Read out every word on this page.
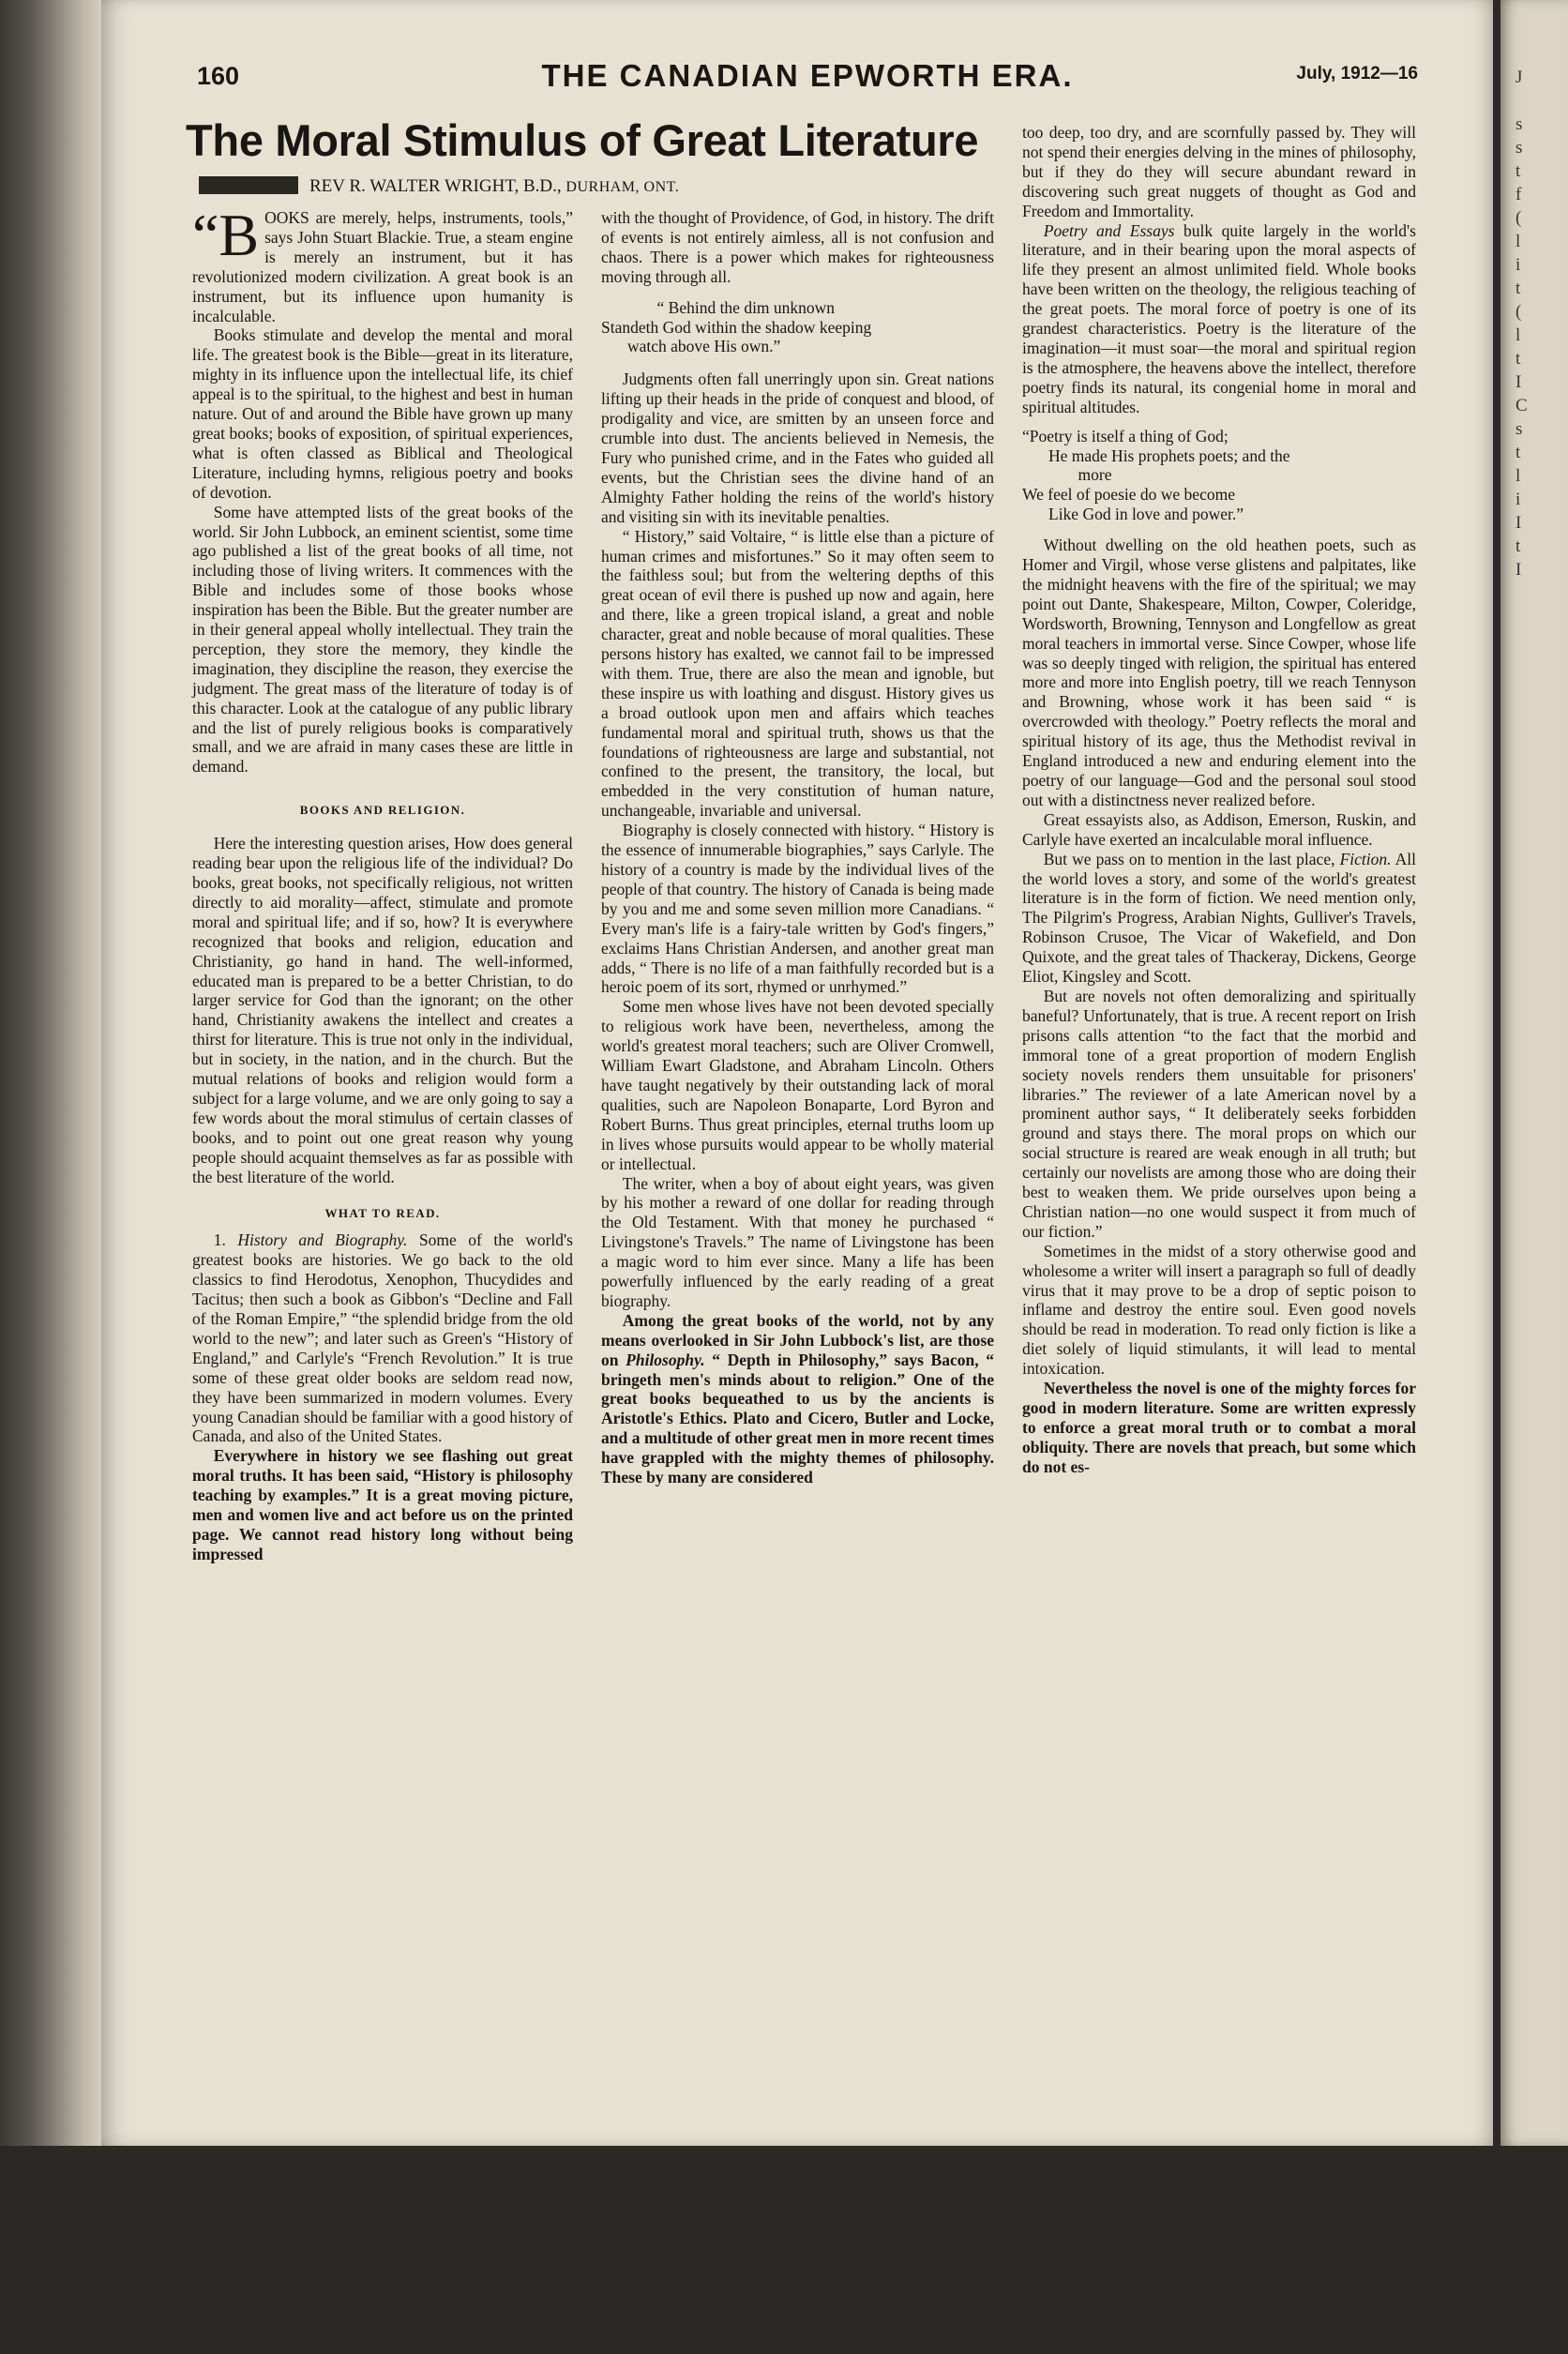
J
s
s
t
f
(
l
i
t
(
l
t
I
C
s
t
l
i
I
t
I
160	THE CANADIAN EPWORTH ERA.	July, 1912—16
The Moral Stimulus of Great Literature
REV R. WALTER WRIGHT, B.D., DURHAM, ONT.

“BOOKS are merely, helps, instruments, tools,” says John Stuart Blackie. True, a steam engine is merely an instrument, but it has revolutionized modern civilization. A great book is an instrument, but its influence upon humanity is incalculable.

Books stimulate and develop the mental and moral life. The greatest book is the Bible—great in its literature, mighty in its influence upon the intellectual life, its chief appeal is to the spiritual, to the highest and best in human nature. Out of and around the Bible have grown up many great books; books of exposition, of spiritual experiences, what is often classed as Biblical and Theological Literature, including hymns, religious poetry and books of devotion.

Some have attempted lists of the great books of the world. Sir John Lubbock, an eminent scientist, some time ago published a list of the great books of all time, not including those of living writers. It commences with the Bible and includes some of those books whose inspiration has been the Bible. But the greater number are in their general appeal wholly intellectual. They train the perception, they store the memory, they kindle the imagination, they discipline the reason, they exercise the judgment. The great mass of the literature of today is of this character. Look at the catalogue of any public library and the list of purely religious books is comparatively small, and we are afraid in many cases these are little in demand.

BOOKS AND RELIGION.

Here the interesting question arises, How does general reading bear upon the religious life of the individual? Do books, great books, not specifically religious, not written directly to aid morality—affect, stimulate and promote moral and spiritual life; and if so, how? It is everywhere recognized that books and religion, education and Christianity, go hand in hand. The well-informed, educated man is prepared to be a better Christian, to do larger service for God than the ignorant; on the other hand, Christianity awakens the intellect and creates a thirst for literature. This is true not only in the individual, but in society, in the nation, and in the church. But the mutual relations of books and religion would form a subject for a large volume, and we are only going to say a few words about the moral stimulus of certain classes of books, and to point out one great reason why young people should acquaint themselves as far as possible with the best literature of the world.

WHAT TO READ.

1. History and Biography. Some of the world's greatest books are histories. We go back to the old classics to find Herodotus, Xenophon, Thucydides and Tacitus; then such a book as Gibbon's “Decline and Fall of the Roman Empire,” “the splendid bridge from the old world to the new”; and later such as Green's “History of England,” and Carlyle's “French Revolution.” It is true some of these great older books are seldom read now, they have been summarized in modern volumes. Every young Canadian should be familiar with a good history of Canada, and also of the United States.

Everywhere in history we see flashing out great moral truths. It has been said, “History is philosophy teaching by examples.” It is a great moving picture, men and women live and act before us on the printed page. We cannot read history long without being impressed

with the thought of Providence, of God, in history. The drift of events is not entirely aimless, all is not confusion and chaos. There is a power which makes for righteousness moving through all.

“ Behind the dim unknown
Standeth God within the shadow keeping
watch above His own.”

Judgments often fall unerringly upon sin. Great nations lifting up their heads in the pride of conquest and blood, of prodigality and vice, are smitten by an unseen force and crumble into dust. The ancients believed in Nemesis, the Fury who punished crime, and in the Fates who guided all events, but the Christian sees the divine hand of an Almighty Father holding the reins of the world's history and visiting sin with its inevitable penalties.

“ History,” said Voltaire, “ is little else than a picture of human crimes and misfortunes.” So it may often seem to the faithless soul; but from the weltering depths of this great ocean of evil there is pushed up now and again, here and there, like a green tropical island, a great and noble character, great and noble because of moral qualities. These persons history has exalted, we cannot fail to be impressed with them. True, there are also the mean and ignoble, but these inspire us with loathing and disgust. History gives us a broad outlook upon men and affairs which teaches fundamental moral and spiritual truth, shows us that the foundations of righteousness are large and substantial, not confined to the present, the transitory, the local, but embedded in the very constitution of human nature, unchangeable, invariable and universal.

Biography is closely connected with history. “ History is the essence of innumerable biographies,” says Carlyle. The history of a country is made by the individual lives of the people of that country. The history of Canada is being made by you and me and some seven million more Canadians. “ Every man's life is a fairy-tale written by God's fingers,” exclaims Hans Christian Andersen, and another great man adds, “ There is no life of a man faithfully recorded but is a heroic poem of its sort, rhymed or unrhymed.”

Some men whose lives have not been devoted specially to religious work have been, nevertheless, among the world's greatest moral teachers; such are Oliver Cromwell, William Ewart Gladstone, and Abraham Lincoln. Others have taught negatively by their outstanding lack of moral qualities, such are Napoleon Bonaparte, Lord Byron and Robert Burns. Thus great principles, eternal truths loom up in lives whose pursuits would appear to be wholly material or intellectual.

The writer, when a boy of about eight years, was given by his mother a reward of one dollar for reading through the Old Testament. With that money he purchased “ Livingstone's Travels.” The name of Livingstone has been a magic word to him ever since. Many a life has been powerfully influenced by the early reading of a great biography.

Among the great books of the world, not by any means overlooked in Sir John Lubbock's list, are those on Philosophy. “ Depth in Philosophy,” says Bacon, “ bringeth men's minds about to religion.” One of the great books bequeathed to us by the ancients is Aristotle's Ethics. Plato and Cicero, Butler and Locke, and a multitude of other great men in more recent times have grappled with the mighty themes of philosophy. These by many are considered

too deep, too dry, and are scornfully passed by. They will not spend their energies delving in the mines of philosophy, but if they do they will secure abundant reward in discovering such great nuggets of thought as God and Freedom and Immortality.

Poetry and Essays bulk quite largely in the world's literature, and in their bearing upon the moral aspects of life they present an almost unlimited field. Whole books have been written on the theology, the religious teaching of the great poets. The moral force of poetry is one of its grandest characteristics. Poetry is the literature of the imagination—it must soar—the moral and spiritual region is the atmosphere, the heavens above the intellect, therefore poetry finds its natural, its congenial home in moral and spiritual altitudes.

“Poetry is itself a thing of God;
He made His prophets poets; and the
more
We feel of poesie do we become
Like God in love and power.”

Without dwelling on the old heathen poets, such as Homer and Virgil, whose verse glistens and palpitates, like the midnight heavens with the fire of the spiritual; we may point out Dante, Shakespeare, Milton, Cowper, Coleridge, Wordsworth, Browning, Tennyson and Longfellow as great moral teachers in immortal verse. Since Cowper, whose life was so deeply tinged with religion, the spiritual has entered more and more into English poetry, till we reach Tennyson and Browning, whose work it has been said “ is overcrowded with theology.” Poetry reflects the moral and spiritual history of its age, thus the Methodist revival in England introduced a new and enduring element into the poetry of our language—God and the personal soul stood out with a distinctness never realized before.

Great essayists also, as Addison, Emerson, Ruskin, and Carlyle have exerted an incalculable moral influence.

But we pass on to mention in the last place, Fiction. All the world loves a story, and some of the world's greatest literature is in the form of fiction. We need mention only, The Pilgrim's Progress, Arabian Nights, Gulliver's Travels, Robinson Crusoe, The Vicar of Wakefield, and Don Quixote, and the great tales of Thackeray, Dickens, George Eliot, Kingsley and Scott.

But are novels not often demoralizing and spiritually baneful? Unfortunately, that is true. A recent report on Irish prisons calls attention “to the fact that the morbid and immoral tone of a great proportion of modern English society novels renders them unsuitable for prisoners' libraries.” The reviewer of a late American novel by a prominent author says, “ It deliberately seeks forbidden ground and stays there. The moral props on which our social structure is reared are weak enough in all truth; but certainly our novelists are among those who are doing their best to weaken them. We pride ourselves upon being a Christian nation—no one would suspect it from much of our fiction.”

Sometimes in the midst of a story otherwise good and wholesome a writer will insert a paragraph so full of deadly virus that it may prove to be a drop of septic poison to inflame and destroy the entire soul. Even good novels should be read in moderation. To read only fiction is like a diet solely of liquid stimulants, it will lead to mental intoxication.

Nevertheless the novel is one of the mighty forces for good in modern literature. Some are written expressly to enforce a great moral truth or to combat a moral obliquity. There are novels that preach, but some which do not es-
